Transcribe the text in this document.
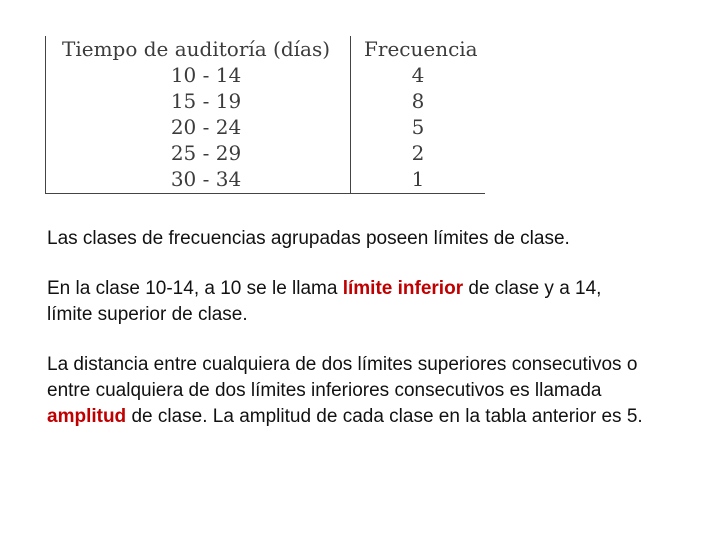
Tiempo de auditoría (días) Frecuencia
10 - 14	4
15 - 19	8
20 - 24	5
25 - 29	2
30 - 34	1

Las clases de frecuencias agrupadas poseen límites de clase.

En la clase 10-14, a 10 se le llama límite inferior de clase y a 14, límite superior de clase.

La distancia entre cualquiera de dos límites superiores consecutivos o entre cualquiera de dos límites inferiores consecutivos es llamada amplitud de clase. La amplitud de cada clase en la tabla anterior es 5.
